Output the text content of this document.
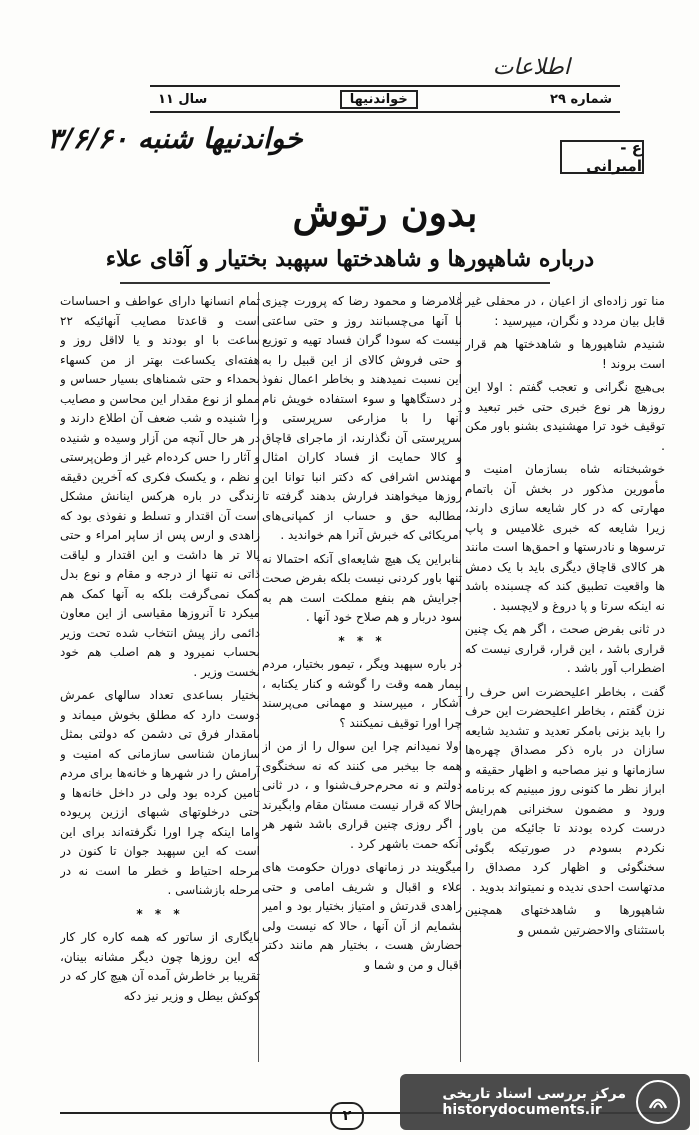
اطلاعات
شماره ۲۹
خواندنیها
سال ۱۱
خواندنیها شنبه ۳/۶/۶۰	ع - امیرانی
بدون رتوش
درباره شاهپورها و شاهدختها سپهبد بختیار و آقای علاء

منا تور زاده‌ای از اعیان ، در محفلی غیر قابل بیان مردد و نگران، میپرسید :

شنیدم شاهپورها و شاهدختها هم قرار است بروند !

بی‌هیچ نگرانی و تعجب گفتم : اولا این روزها هر نوع خبری حتی خبر تبعید و توقیف خود ترا مهشنیدی بشنو باور مکن .

خوشبختانه شاه بسازمان امنیت و مأمورین مذکور در بخش آن باتمام مهارتی که در کار شایعه سازی دارند، زیرا شایعه که خبری غلامیس و پاپ ترسوها و نادرستها و احمق‌ها است مانند هر کالای قاچاق دیگری باید با یک دمش ها واقعیت تطبیق کند که چسبنده باشد نه اینکه سرتا و پا دروغ و لایچسبد .

در ثانی بفرض صحت ، اگر هم یک چنین قراری باشد ، این قرار، قراری نیست که اضطراب آور باشد .

گفت ، بخاطر اعلیحضرت اس حرف را نزن گفتم ، بخاطر اعلیحضرت این حرف را باید بزنی بامکر تعدید و تشدید شایعه سازان در باره ذکر مصداق چهره‌ها سازمانها و نیز مصاحبه و اظهار حقیقه و ابراز نظر ما کنونی روز مبینیم که برنامه ورود و مضمون سخنرانی هم‌رایش درست کرده بودند تا جائیکه من باور نکردم بسودم در صورتیکه بگوئی سخنگوئی و اظهار کرد مصداق را مدتهاست احدی ندیده و نمیتواند بدوید .

شاهپورها و شاهدختهای همچنین باستثنای والاحضرتین شمس و

غلامرضا و محمود رضا که پرورت چیزی با آنها می‌چسبانند روز و حتی ساعتی نیست که سودا گران فساد تهیه و توزیع و حتی فروش کالای از این قبیل را به این نسبت نمیدهند و بخاطر اعمال نفوذ در دستگاهها و سوء استفاده خویش نام آنها را با مزارعی سرپرستی و سرپرستی آن نگذارند، از ماجرای قاچاق و کالا حمایت از فساد کاران امثال مهندس اشرافی که دکتر انبا توانا این روزها میخواهند فرارش بدهند گرفته تا مطالبه حق و حساب از کمپانی‌های امریکائی که خبرش آنرا هم خواندید .

بنابراین یک هیچ شایعه‌ای آنکه احتمالا نه تنها باور کردنی نیست بلکه بفرض صحت اجرایش هم بنفع مملکت است هم به سود دربار و هم صلاح خود آنها .

* * *

در باره سپهبد ویگر ، تیمور بختیار، مردم بیمار همه وقت را گوشه و کنار یکتابه ، آشکار ، میپرسند و مهمانی می‌پرسند چرا اورا توقیف نمیکنند ؟

اولا نمیدانم چرا این سوال را از من از همه جا بیخبر می کنند که نه سخنگوی دولتم و نه محرم‌حرف‌شنوا و ، در ثانی حالا که قرار نیست مسئان مقام وابگیرند ، اگر روزی چنین قراری باشد شهر هر آنکه حمت باشهر کرد .

میگویند در زمانهای دوران حکومت های علاء و اقبال و شریف امامی و حتی زاهدی قدرتش و امتیاز بختیار بود و امیر بشمایم از آن آنها ، حالا که نیست ولی حضارش هست ، بختیار هم مانند دکتر اقبال و من و شما و

تمام انسانها دارای عواطف و احساسات است و قاعدتا مصایب آنهائیکه ۲۲ ساعت با او بودند و یا لااقل روز و هفته‌ای یکساعت بهتر از من کسهاء بحمداء و حتی شمناهای بسیار حساس و مملو از نوع مقدار این محاسن و مصایب را شنیده و شب ضعف آن اطلاع دارند و در هر حال آنچه من آزار وسیده و شنیده و آثار را حس کرده‌ام غیر از وطن‌پرستی و نظم ، و یکسک فکری که آخرین دقیقه زندگی در باره هرکس اینانش مشکل است آن اقتدار و تسلط و نفوذی بود که زاهدی و ارس پس از ساپر امراء و حتی یالا تر ها داشت و این اقتدار و لیاقت ذاتی نه تنها از درجه و مقام و نوع بدل کمک نمی‌گرفت بلکه به آنها کمک هم میکرد تا آنروزها مقیاسی از این معاون دائمی راز پیش انتخاب شده تحت وزیر بحساب نمیرود و هم اصلب هم خود نخست وزیر .

بختیار بساعدی تعداد سالهای عمرش دوست دارد که مطلق بخوش میماند و بامقدار فرق تی دشمن که دولتی بمثل سازمان شناسی سازمانی که امنیت و آرامش را در شهرها و خانه‌ها برای مردم تامین کرده بود ولی در داخل خانه‌ها و حتی درخلوتهای شبهای اززین پریوده واما اینکه چرا اورا نگرفته‌اند برای این است که این سپهبد جوان تا کنون در مرحله احتیاط و خطر ما است نه در مرحله بازشناسی .

* * *

بایگاری از ساتور که همه کاره کار کار که این روزها چون دیگر مشانه بینان، تقریبا بر خاطرش آمده آن هیچ کار که در کوکش بیطل و وزیر نیز دکه

۲
مرکز بررسی اسناد تاریخی
historydocuments.ir
